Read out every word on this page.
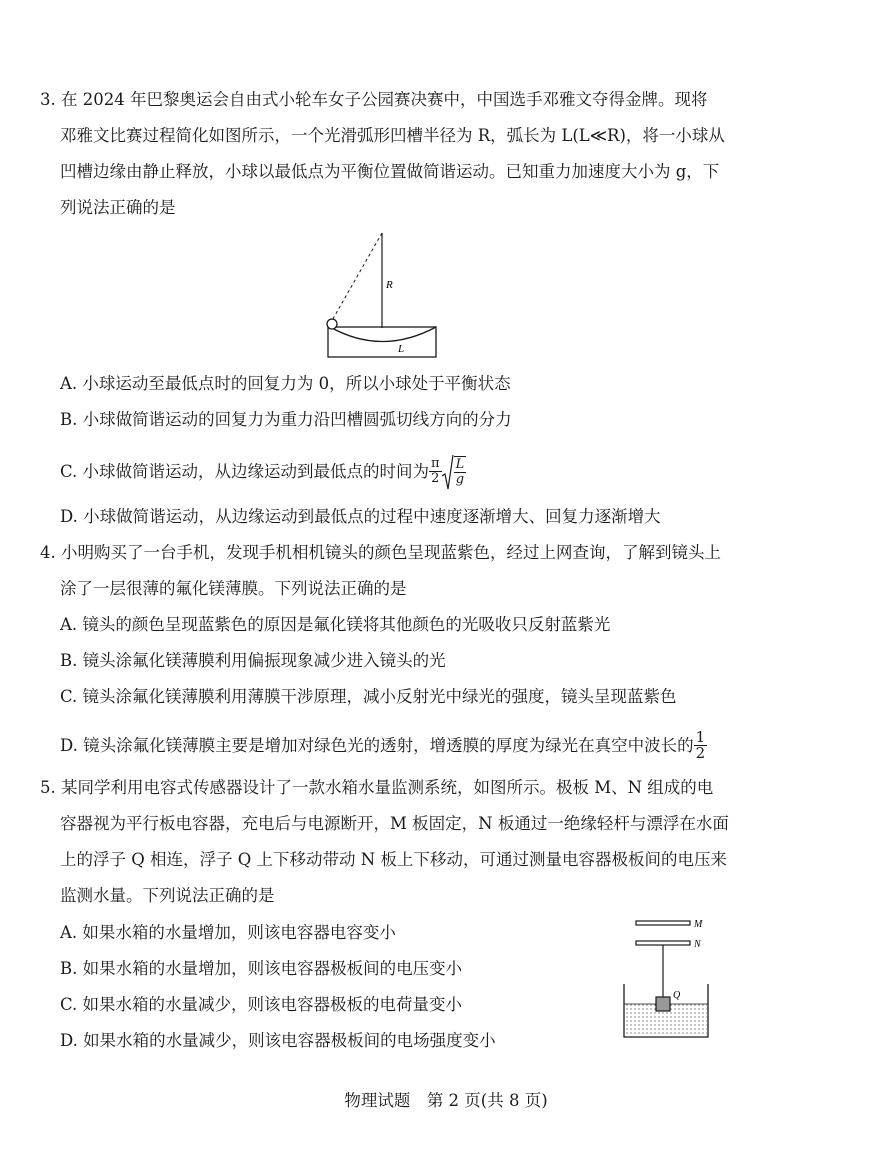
3. 在 2024 年巴黎奥运会自由式小轮车女子公园赛决赛中，中国选手邓雅文夺得金牌。现将
邓雅文比赛过程简化如图所示，一个光滑弧形凹槽半径为 R，弧长为 L(L≪R)，将一小球从
凹槽边缘由静止释放，小球以最低点为平衡位置做简谐运动。已知重力加速度大小为 g，下
列说法正确的是
R
L
A. 小球运动至最低点时的回复力为 0，所以小球处于平衡状态
B. 小球做简谐运动的回复力为重力沿凹槽圆弧切线方向的分力
C. 小球做简谐运动，从边缘运动到最低点的时间为 $\frac{\pi}{2} \frac{L}{g}$
D. 小球做简谐运动，从边缘运动到最低点的过程中速度逐渐增大、回复力逐渐增大
4. 小明购买了一台手机，发现手机相机镜头的颜色呈现蓝紫色，经过上网查询，了解到镜头上
涂了一层很薄的氟化镁薄膜。下列说法正确的是
A. 镜头的颜色呈现蓝紫色的原因是氟化镁将其他颜色的光吸收只反射蓝紫光
B. 镜头涂氟化镁薄膜利用偏振现象减少进入镜头的光
C. 镜头涂氟化镁薄膜利用薄膜干涉原理，减小反射光中绿光的强度，镜头呈现蓝紫色
D. 镜头涂氟化镁薄膜主要是增加对绿色光的透射，增透膜的厚度为绿光在真空中波长的 $\frac{1}{2}$
5. 某同学利用电容式传感器设计了一款水箱水量监测系统，如图所示。极板 M、N 组成的电
容器视为平行板电容器，充电后与电源断开，M 板固定，N 板通过一绝缘轻杆与漂浮在水面
上的浮子 Q 相连，浮子 Q 上下移动带动 N 板上下移动，可通过测量电容器极板间的电压来
监测水量。下列说法正确的是
A. 如果水箱的水量增加，则该电容器电容变小
B. 如果水箱的水量增加，则该电容器极板间的电压变小
C. 如果水箱的水量减少，则该电容器极板的电荷量变小
D. 如果水箱的水量减少，则该电容器极板间的电场强度变小
M
N
Q
物理试题　第 2 页(共 8 页)
